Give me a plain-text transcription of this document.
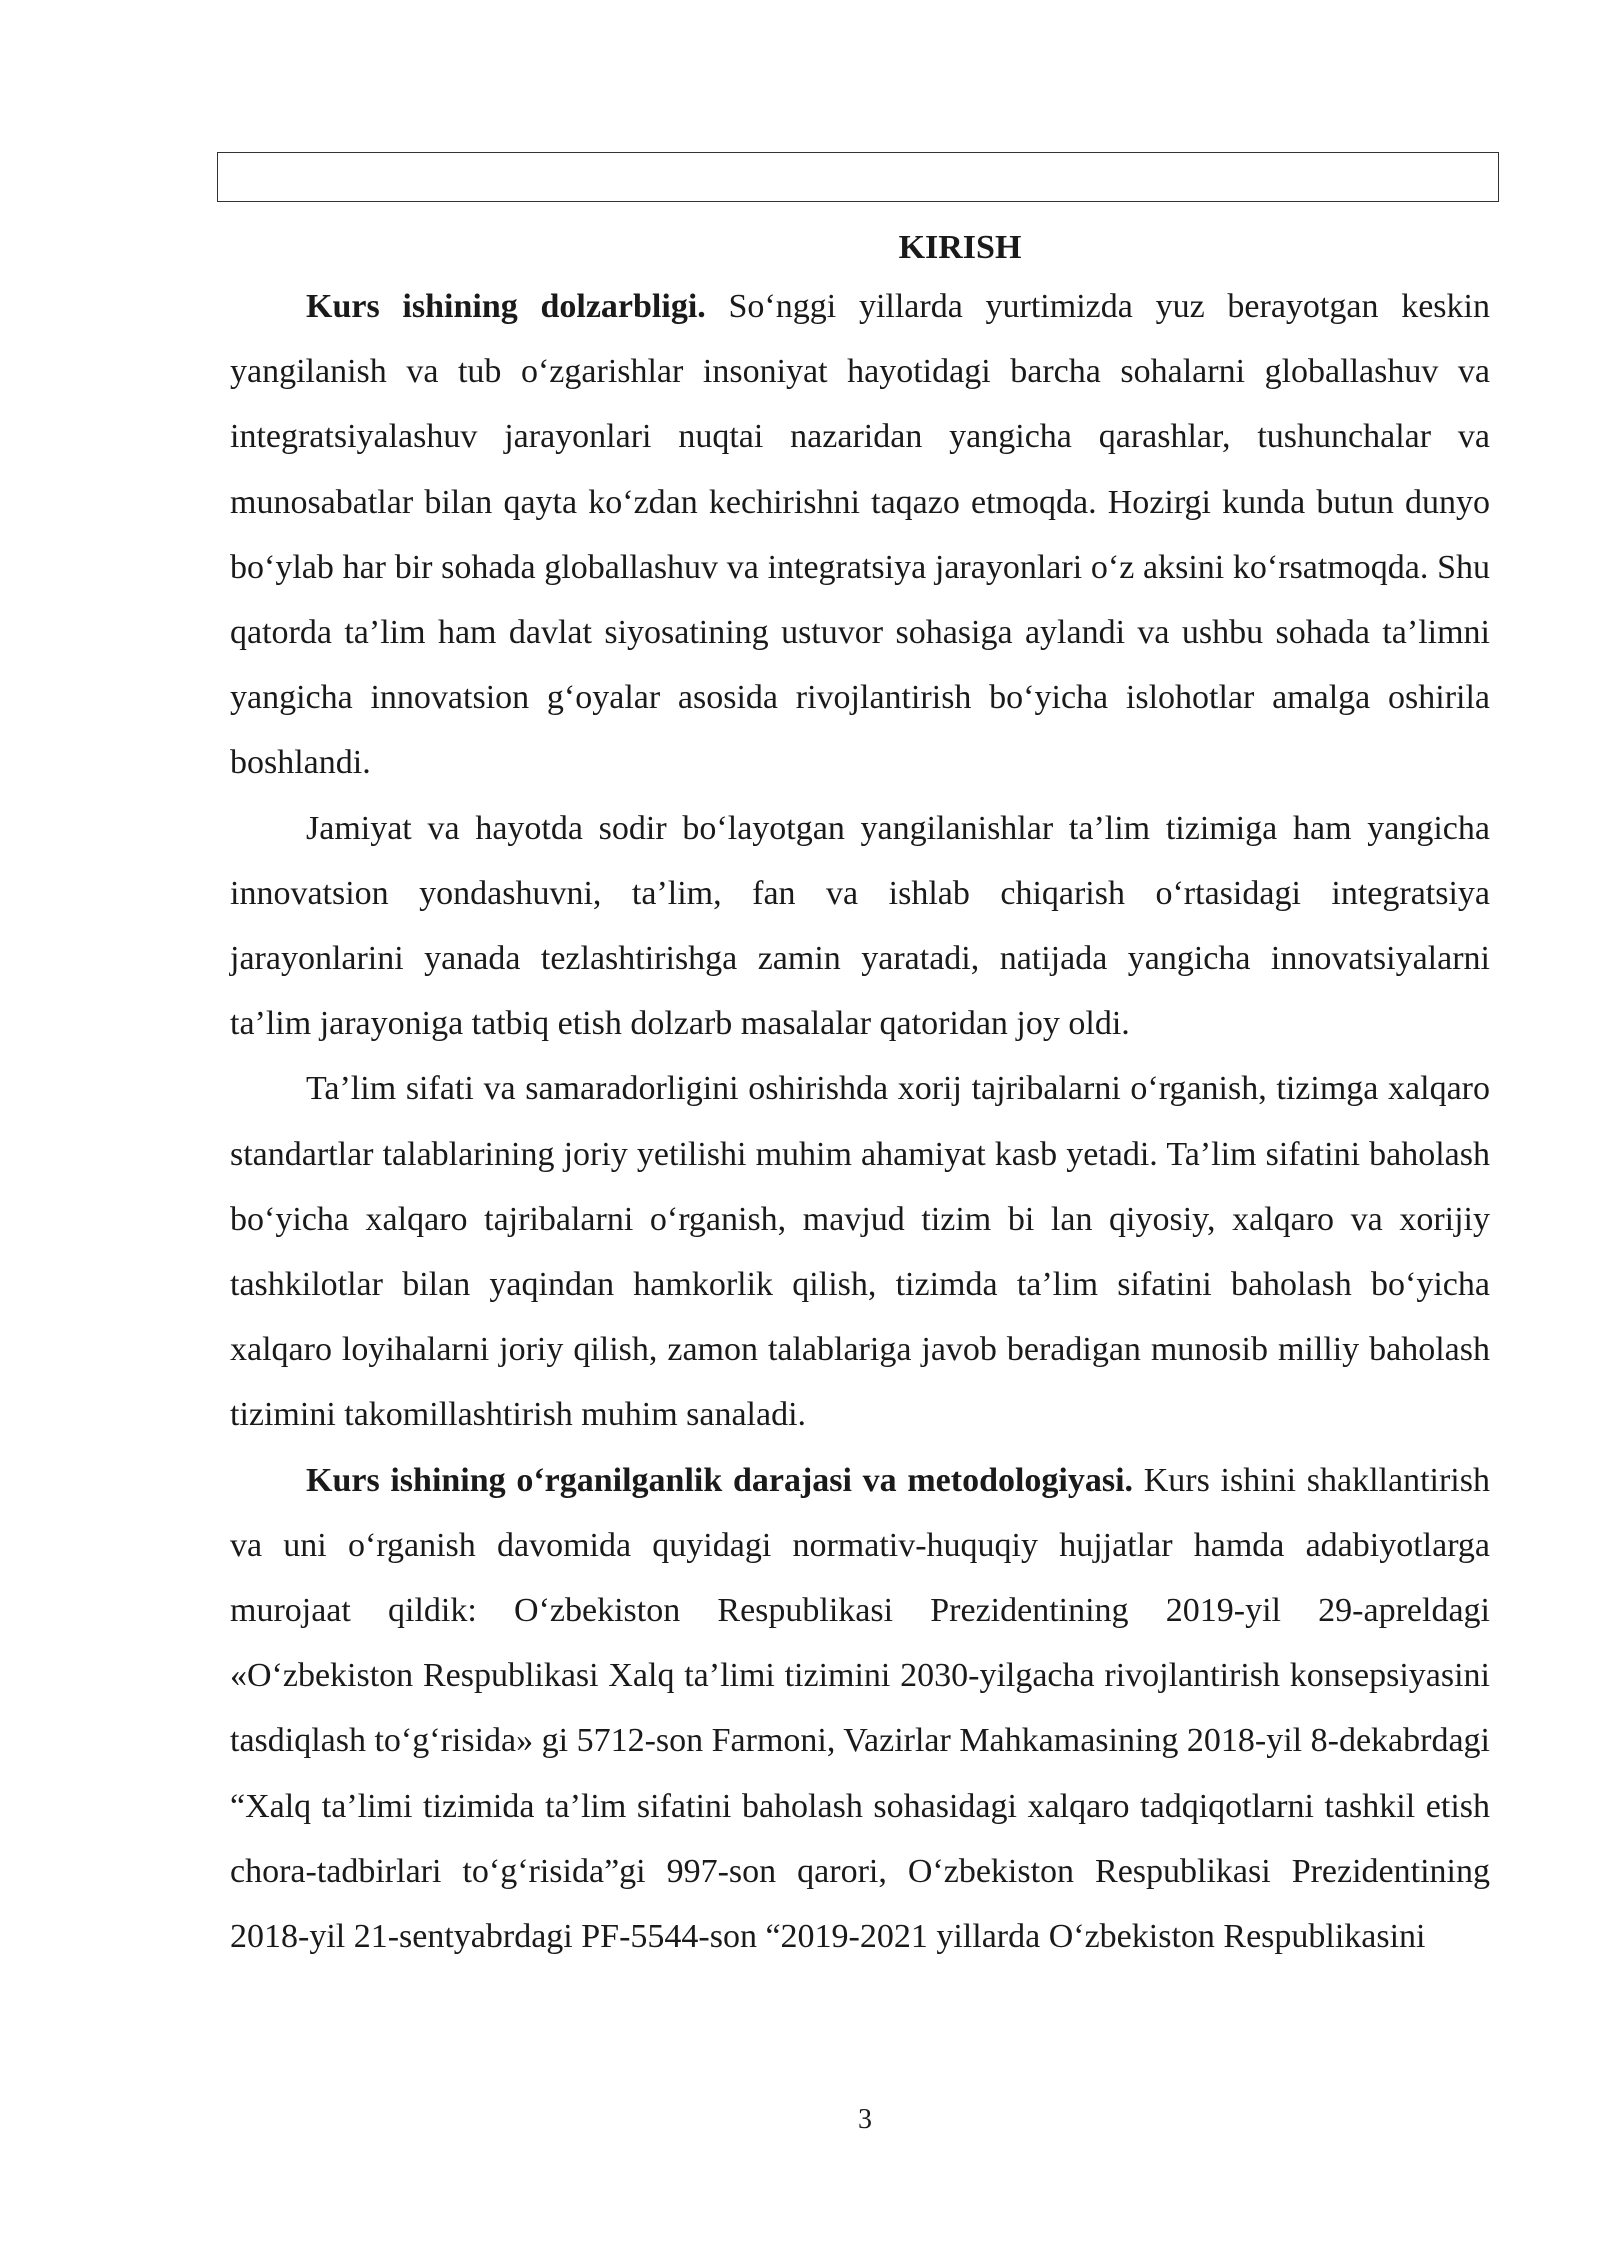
KIRISH

Kurs ishining dolzarbligi. So‘nggi yillarda yurtimizda yuz berayotgan keskin yangilanish va tub o‘zgarishlar insoniyat hayotidagi barcha sohalarni globallashuv va integratsiyalashuv jarayonlari nuqtai nazaridan yangicha qarashlar, tushunchalar va munosabatlar bilan qayta ko‘zdan kechirishni taqazo etmoqda. Hozirgi kunda butun dunyo bo‘ylab har bir sohada globallashuv va integratsiya jarayonlari o‘z aksini ko‘rsatmoqda. Shu qatorda ta’lim ham davlat siyosatining ustuvor sohasiga aylandi va ushbu sohada ta’limni yangicha innovatsion g‘oyalar asosida rivojlantirish bo‘yicha islohotlar amalga oshirila boshlandi.

Jamiyat va hayotda sodir bo‘layotgan yangilanishlar ta’lim tizimiga ham yangicha innovatsion yondashuvni, ta’lim, fan va ishlab chiqarish o‘rtasidagi integratsiya jarayonlarini yanada tezlashtirishga zamin yaratadi, natijada yangicha innovatsiyalarni ta’lim jarayoniga tatbiq etish dolzarb masalalar qatoridan joy oldi.

Ta’lim sifati va samaradorligini oshirishda xorij tajribalarni o‘rganish, tizimga xalqaro standartlar talablarining joriy yetilishi muhim ahamiyat kasb yetadi. Ta’lim sifatini baholash bo‘yicha xalqaro tajribalarni o‘rganish, mavjud tizim bi lan qiyosiy, xalqaro va xorijiy tashkilotlar bilan yaqindan hamkorlik qilish, tizimda ta’lim sifatini baholash bo‘yicha xalqaro loyihalarni joriy qilish, zamon talablariga javob beradigan munosib milliy baholash tizimini takomillashtirish muhim sanaladi.

Kurs ishining o‘rganilganlik darajasi va metodologiyasi. Kurs ishini shakllantirish va uni o‘rganish davomida quyidagi normativ-huquqiy hujjatlar hamda adabiyotlarga murojaat qildik: O‘zbekiston Respublikasi Prezidentining 2019-yil 29-apreldagi «O‘zbekiston Respublikasi Xalq ta’limi tizimini 2030-yilgacha rivojlantirish konsepsiyasini tasdiqlash to‘g‘risida» gi 5712-son Farmoni, Vazirlar Mahkamasining 2018-yil 8-dekabrdagi “Xalq ta’limi tizimida ta’lim sifatini baholash sohasidagi xalqaro tadqiqotlarni tashkil etish chora-tadbirlari to‘g‘risida”gi 997-son qarori, O‘zbekiston Respublikasi Prezidentining 2018-yil 21-sentyabrdagi PF-5544-son “2019-2021 yillarda O‘zbekiston Respublikasini

3
